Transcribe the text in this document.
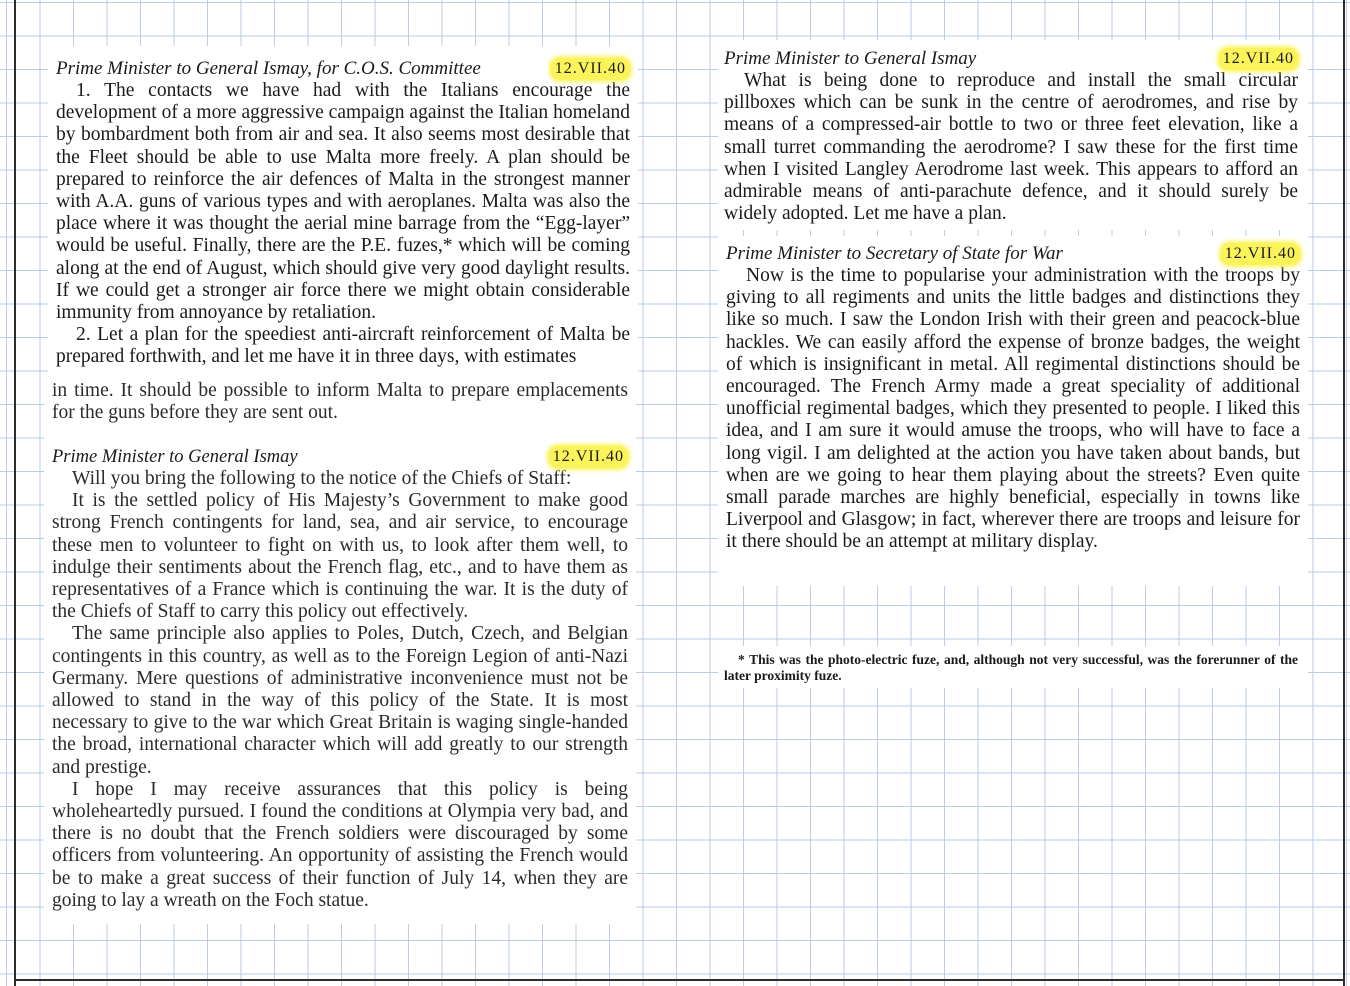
Prime Minister to General Ismay, for C.O.S. Committee	12.VII.40

1. The contacts we have had with the Italians encourage the development of a more aggressive campaign against the Italian homeland by bombardment both from air and sea. It also seems most desirable that the Fleet should be able to use Malta more freely. A plan should be prepared to reinforce the air defences of Malta in the strongest manner with A.A. guns of various types and with aeroplanes. Malta was also the place where it was thought the aerial mine barrage from the “Egg-layer” would be useful. Finally, there are the P.E. fuzes,* which will be coming along at the end of August, which should give very good daylight results. If we could get a stronger air force there we might obtain considerable immunity from annoyance by retaliation.

2. Let a plan for the speediest anti-aircraft reinforcement of Malta be prepared forthwith, and let me have it in three days, with estimates

in time. It should be possible to inform Malta to prepare emplacements for the guns before they are sent out.

Prime Minister to General Ismay	12.VII.40

Will you bring the following to the notice of the Chiefs of Staff:

It is the settled policy of His Majesty’s Government to make good strong French contingents for land, sea, and air service, to encourage these men to volunteer to fight on with us, to look after them well, to indulge their sentiments about the French flag, etc., and to have them as representatives of a France which is continuing the war. It is the duty of the Chiefs of Staff to carry this policy out effectively.

The same principle also applies to Poles, Dutch, Czech, and Belgian contingents in this country, as well as to the Foreign Legion of anti-Nazi Germany. Mere questions of administrative inconvenience must not be allowed to stand in the way of this policy of the State. It is most necessary to give to the war which Great Britain is waging single-handed the broad, international character which will add greatly to our strength and prestige.

I hope I may receive assurances that this policy is being wholeheartedly pursued. I found the conditions at Olympia very bad, and there is no doubt that the French soldiers were discouraged by some officers from volunteering. An opportunity of assisting the French would be to make a great success of their function of July 14, when they are going to lay a wreath on the Foch statue.

Prime Minister to General Ismay	12.VII.40

What is being done to reproduce and install the small circular pillboxes which can be sunk in the centre of aerodromes, and rise by means of a compressed-air bottle to two or three feet elevation, like a small turret commanding the aerodrome? I saw these for the first time when I visited Langley Aerodrome last week. This appears to afford an admirable means of anti-parachute defence, and it should surely be widely adopted. Let me have a plan.

Prime Minister to Secretary of State for War	12.VII.40

Now is the time to popularise your administration with the troops by giving to all regiments and units the little badges and distinctions they like so much. I saw the London Irish with their green and peacock-blue hackles. We can easily afford the expense of bronze badges, the weight of which is insignificant in metal. All regimental distinctions should be encouraged. The French Army made a great speciality of additional unofficial regimental badges, which they presented to people. I liked this idea, and I am sure it would amuse the troops, who will have to face a long vigil. I am delighted at the action you have taken about bands, but when are we going to hear them playing about the streets? Even quite small parade marches are highly beneficial, especially in towns like Liverpool and Glasgow; in fact, wherever there are troops and leisure for it there should be an attempt at military display.

* This was the photo-electric fuze, and, although not very successful, was the forerunner of the later proximity fuze.
